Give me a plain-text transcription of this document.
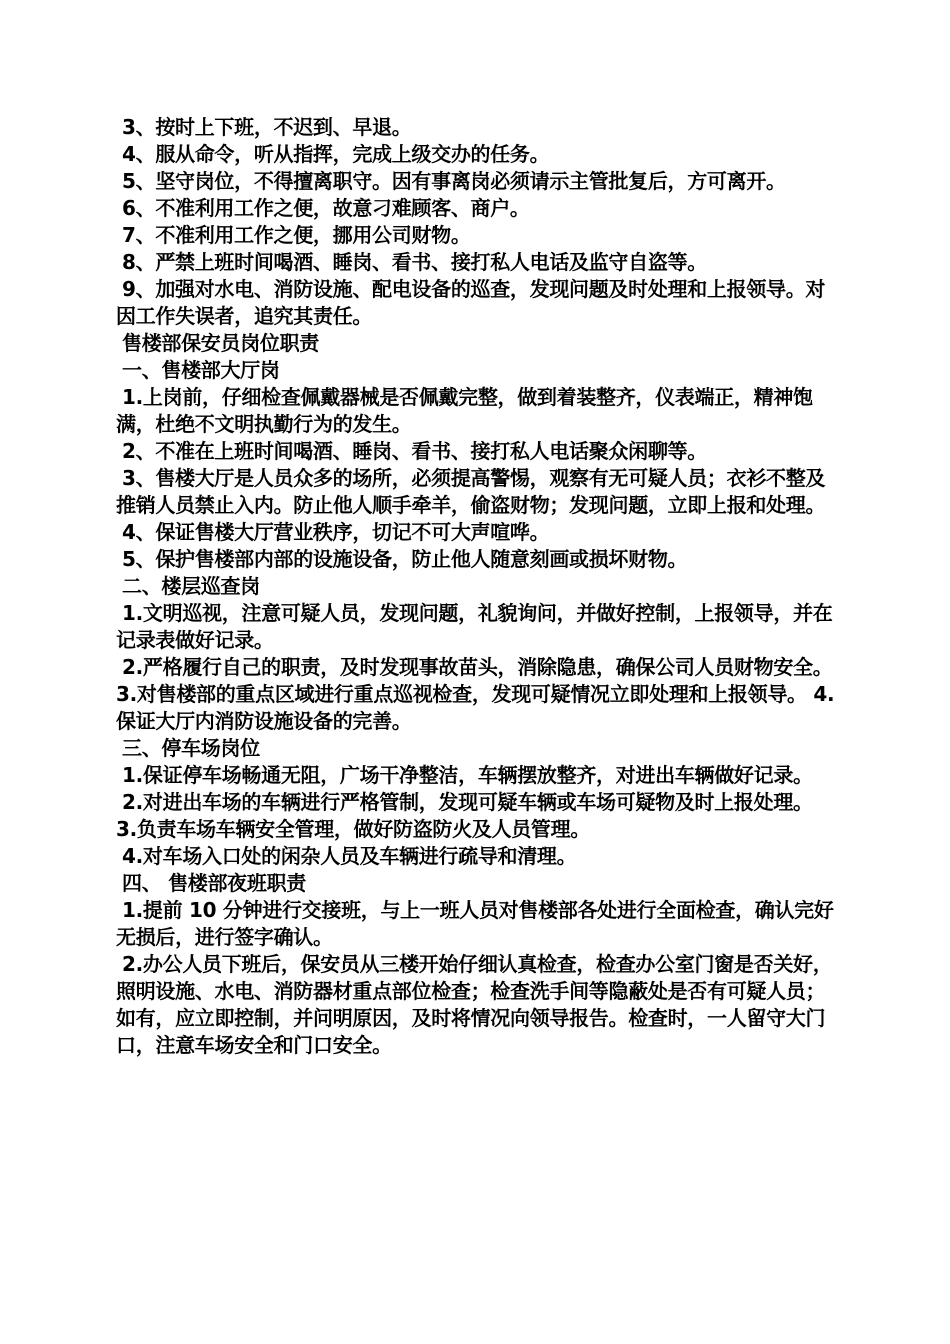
3、按时上下班，不迟到、早退。

4、服从命令，听从指挥，完成上级交办的任务。

5、坚守岗位，不得擅离职守。因有事离岗必须请示主管批复后，方可离开。

6、不准利用工作之便，故意刁难顾客、商户。

7、不准利用工作之便，挪用公司财物。

8、严禁上班时间喝酒、睡岗、看书、接打私人电话及监守自盗等。

9、加强对水电、消防设施、配电设备的巡查，发现问题及时处理和上报领导。对因工作失误者，追究其责任。

售楼部保安员岗位职责

一、售楼部大厅岗

1.上岗前，仔细检查佩戴器械是否佩戴完整，做到着装整齐，仪表端正，精神饱满，杜绝不文明执勤行为的发生。

2、不准在上班时间喝酒、睡岗、看书、接打私人电话聚众闲聊等。

3、售楼大厅是人员众多的场所，必须提高警惕，观察有无可疑人员；衣衫不整及推销人员禁止入内。防止他人顺手牵羊，偷盗财物；发现问题，立即上报和处理。

4、保证售楼大厅营业秩序，切记不可大声喧哗。

5、保护售楼部内部的设施设备，防止他人随意刻画或损坏财物。

二、楼层巡查岗

1.文明巡视，注意可疑人员，发现问题，礼貌询问，并做好控制，上报领导，并在记录表做好记录。

2.严格履行自己的职责，及时发现事故苗头，消除隐患，确保公司人员财物安全。 3.对售楼部的重点区域进行重点巡视检查，发现可疑情况立即处理和上报领导。 4.保证大厅内消防设施设备的完善。

三、停车场岗位

1.保证停车场畅通无阻，广场干净整洁，车辆摆放整齐，对进出车辆做好记录。

2.对进出车场的车辆进行严格管制，发现可疑车辆或车场可疑物及时上报处理。

3.负责车场车辆安全管理，做好防盗防火及人员管理。

4.对车场入口处的闲杂人员及车辆进行疏导和清理。

四、 售楼部夜班职责

1.提前 10 分钟进行交接班，与上一班人员对售楼部各处进行全面检查，确认完好无损后，进行签字确认。

2.办公人员下班后，保安员从三楼开始仔细认真检查，检查办公室门窗是否关好，照明设施、水电、消防器材重点部位检查；检查洗手间等隐蔽处是否有可疑人员；如有，应立即控制，并问明原因，及时将情况向领导报告。检查时，一人留守大门口，注意车场安全和门口安全。
